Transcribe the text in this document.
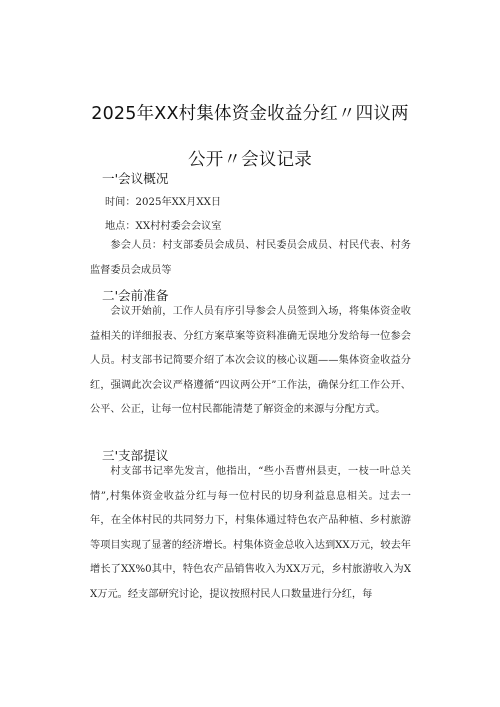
2025年XX村集体资金收益分红〃四议两
公开〃会议记录
一'会议概况
时间：2025年XX月XX日
地点：XX村村委会会议室
参会人员：村支部委员会成员、村民委员会成员、村民代表、村务监督委员会成员等
二'会前准备
会议开始前，工作人员有序引导参会人员签到入场，将集体资金收益相关的详细报表、分红方案草案等资料准确无误地分发给每一位参会人员。村支部书记简要介绍了本次会议的核心议题——集体资金收益分红，强调此次会议严格遵循“四议两公开”工作法，确保分红工作公开、公平、公正，让每一位村民都能清楚了解资金的来源与分配方式。
三'支部提议
村支部书记率先发言，他指出，“些小吾曹州县吏，一枝一叶总关情”,村集体资金收益分红与每一位村民的切身利益息息相关。过去一年，在全体村民的共同努力下，村集体通过特色农产品种植、乡村旅游等项目实现了显著的经济增长。村集体资金总收入达到XX万元，较去年增长了XX%0其中，特色农产品销售收入为XX万元，乡村旅游收入为XX万元。经支部研究讨论，提议按照村民人口数量进行分红，每
